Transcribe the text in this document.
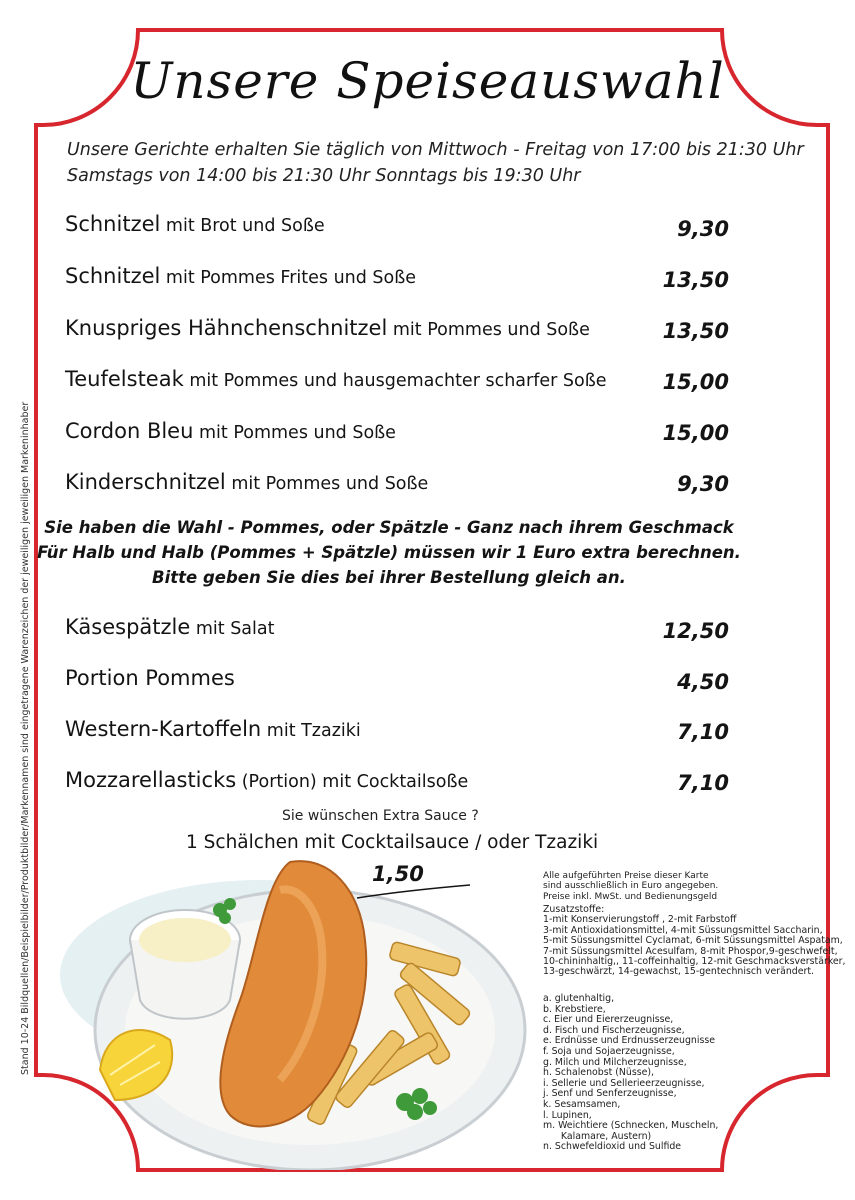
Unsere Speiseauswahl
Unsere Gerichte erhalten Sie täglich von Mittwoch - Freitag von 17:00 bis 21:30 Uhr
Samstags von 14:00 bis 21:30 Uhr Sonntags bis 19:30 Uhr
Schnitzel mit Brot und Soße	9,30
Schnitzel mit Pommes Frites und Soße	13,50
Knuspriges Hähnchenschnitzel mit Pommes und Soße	13,50
Teufelsteak mit Pommes und hausgemachter scharfer Soße	15,00
Cordon Bleu mit Pommes und Soße	15,00
Kinderschnitzel mit Pommes und Soße	9,30
Sie haben die Wahl - Pommes, oder Spätzle - Ganz nach ihrem Geschmack
Für Halb und Halb (Pommes + Spätzle) müssen wir 1 Euro extra berechnen.
Bitte geben Sie dies bei ihrer Bestellung gleich an.
Käsespätzle mit Salat	12,50
Portion Pommes	4,50
Western-Kartoffeln mit Tzaziki	7,10
Mozzarellasticks (Portion) mit Cocktailsoße	7,10
Sie wünschen Extra Sauce ?
1 Schälchen mit Cocktailsauce / oder Tzaziki
1,50
Stand 10-24 Bildquellen/Beispielbilder/Produktbilder/Markennamen sind eingetragene Warenzeichen der jeweiligen jeweiligen Markeninhaber	Alle aufgeführten Preise dieser Karte
sind ausschließlich in Euro angegeben.
Preise inkl. MwSt. und Bedienungsgeld
Zusatzstoffe:
1-mit Konservierungstoff , 2-mit Farbstoff
3-mit Antioxidationsmittel, 4-mit Süssungsmittel Saccharin,
5-mit Süssungsmittel Cyclamat, 6-mit Süssungsmittel Aspatam,
7-mit Süssungsmittel Acesulfam, 8-mit Phospor,9-geschwefelt,
10-chininhaltig,, 11-coffeinhaltig, 12-mit Geschmacksverstärker,
13-geschwärzt, 14-gewachst, 15-gentechnisch verändert.
a. glutenhaltig,
b. Krebstiere,
c. Eier und Eiererzeugnisse,
d. Fisch und Fischerzeugnisse,
e. Erdnüsse und Erdnusserzeugnisse
f. Soja und Sojaerzeugnisse,
g. Milch und Milcherzeugnisse,
h. Schalenobst (Nüsse),
i. Sellerie und Sellerieerzeugnisse,
j. Senf und Senferzeugnisse,
k. Sesamsamen,
l. Lupinen,
m. Weichtiere (Schnecken, Muscheln,
Kalamare, Austern)
n. Schwefeldioxid und Sulfide
